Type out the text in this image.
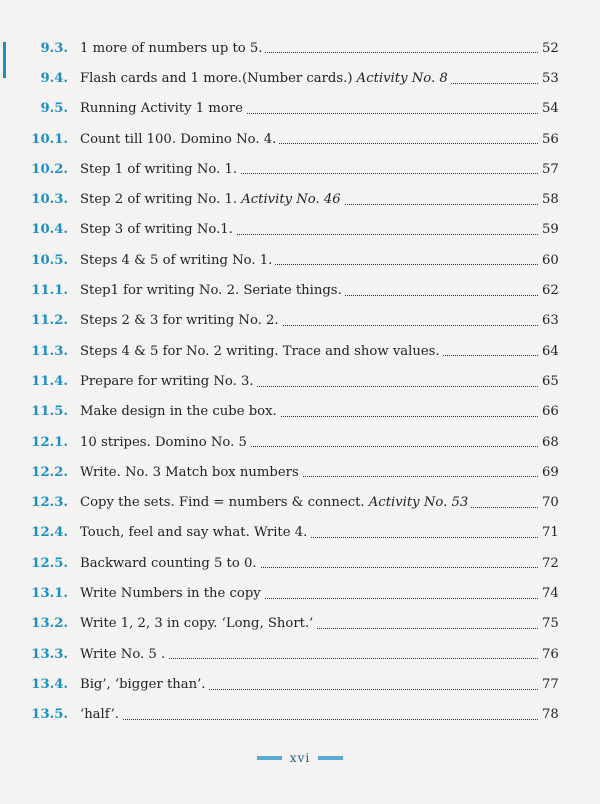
9.3. 1 more of numbers up to 5.	52
9.4. Flash cards and 1 more.(Number cards.) Activity No. 8	53
9.5. Running Activity 1 more	54
10.1. Count till 100. Domino No. 4.	56
10.2. Step 1 of writing No. 1.	57
10.3. Step 2 of writing No. 1. Activity No. 46	58
10.4. Step 3 of writing No.1.	59
10.5. Steps 4 & 5 of writing No. 1.	60
11.1. Step1 for writing No. 2. Seriate things.	62
11.2. Steps 2 & 3 for writing No. 2.	63
11.3. Steps 4 & 5 for No. 2 writing. Trace and show values.	64
11.4. Prepare for writing No. 3.	65
11.5. Make design in the cube box.	66
12.1. 10 stripes. Domino No. 5	68
12.2. Write. No. 3 Match box numbers	69
12.3. Copy the sets. Find = numbers & connect. Activity No. 53	70
12.4. Touch, feel and say what. Write 4.	71
12.5. Backward counting 5 to 0.	72
13.1. Write Numbers in the copy	74
13.2. Write 1, 2, 3 in copy. ‘Long, Short.’	75
13.3. Write No. 5 .	76
13.4. Big’, ‘bigger than’.	77
13.5. ‘half’.	78
xvi
